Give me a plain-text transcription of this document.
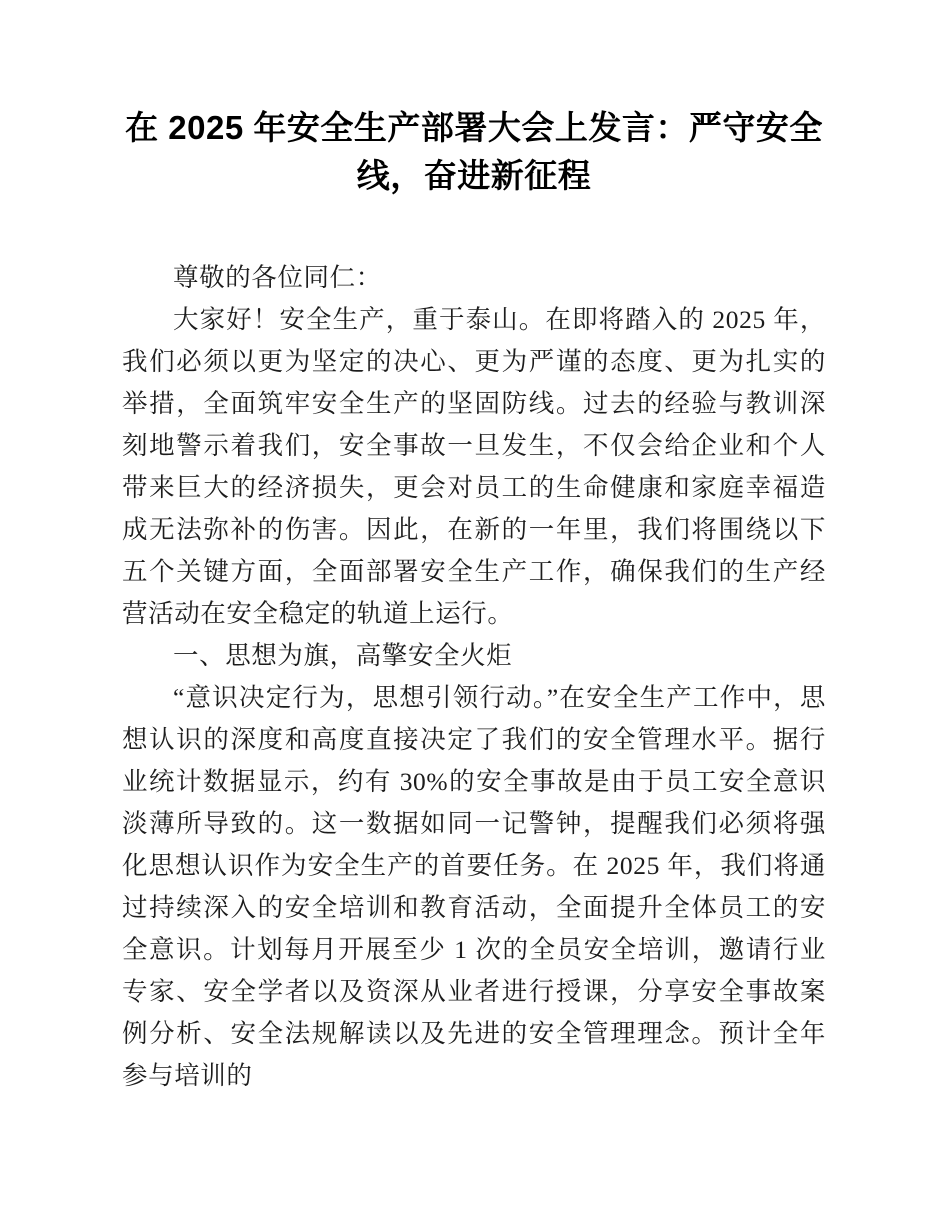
在 2025 年安全生产部署大会上发言：严守安全
线，奋进新征程

尊敬的各位同仁：

大家好！安全生产，重于泰山。在即将踏入的 2025 年，我们必须以更为坚定的决心、更为严谨的态度、更为扎实的举措，全面筑牢安全生产的坚固防线。过去的经验与教训深刻地警示着我们，安全事故一旦发生，不仅会给企业和个人带来巨大的经济损失，更会对员工的生命健康和家庭幸福造成无法弥补的伤害。因此，在新的一年里，我们将围绕以下五个关键方面，全面部署安全生产工作，确保我们的生产经营活动在安全稳定的轨道上运行。

一、思想为旗，高擎安全火炬

“意识决定行为，思想引领行动。”在安全生产工作中，思想认识的深度和高度直接决定了我们的安全管理水平。据行业统计数据显示，约有 30%的安全事故是由于员工安全意识淡薄所导致的。这一数据如同一记警钟，提醒我们必须将强化思想认识作为安全生产的首要任务。在 2025 年，我们将通过持续深入的安全培训和教育活动，全面提升全体员工的安全意识。计划每月开展至少 1 次的全员安全培训，邀请行业专家、安全学者以及资深从业者进行授课，分享安全事故案例分析、安全法规解读以及先进的安全管理理念。预计全年参与培训的
